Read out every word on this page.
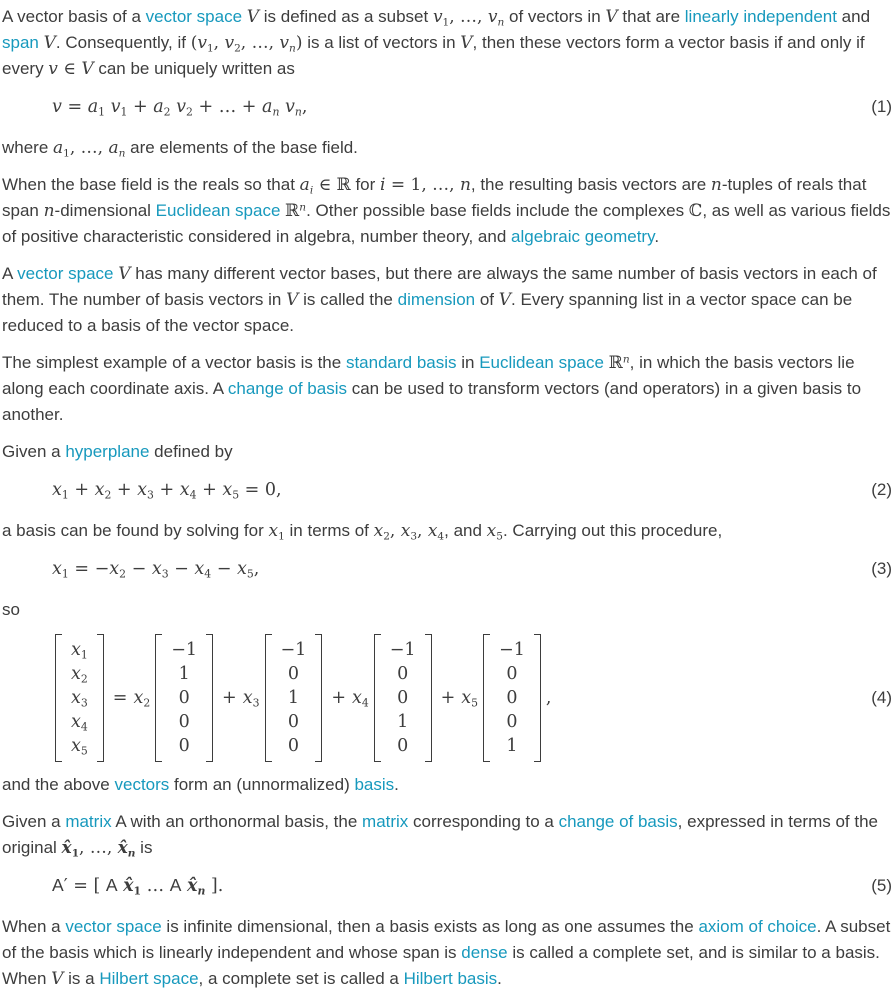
A vector basis of a vector space V is defined as a subset $v_1$, …, $v_n$ of vectors in V that are linearly independent and span V. Consequently, if ($v_1$, $v_2$, …, $v_n$) is a list of vectors in V, then these vectors form a vector basis if and only if every v ∈ V can be uniquely written as

$v = a_1$ $v_1 + a_2$ $v_2$ + … + $a_n$ $v_n$,	(1)

where $a_1$, …, $a_n$ are elements of the base field.

When the base field is the reals so that $a_i$ ∈ ℝ for i = 1, …, n, the resulting basis vectors are n-tuples of reals that span n-dimensional Euclidean space ℝ$^n$. Other possible base fields include the complexes ℂ, as well as various fields of positive characteristic considered in algebra, number theory, and algebraic geometry.

A vector space V has many different vector bases, but there are always the same number of basis vectors in each of them. The number of basis vectors in V is called the dimension of V. Every spanning list in a vector space can be reduced to a basis of the vector space.

The simplest example of a vector basis is the standard basis in Euclidean space ℝ$^n$, in which the basis vectors lie along each coordinate axis. A change of basis can be used to transform vectors (and operators) in a given basis to another.

Given a hyperplane defined by

$x_1 + x_2 + x_3 + x_4 + x_5 = 0$,	(2)

a basis can be found by solving for $x_1$ in terms of $x_2$, $x_3$, $x_4$, and $x_5$. Carrying out this procedure,

$x_1 = -x_2 - x_3 - x_4 - x_5$,	(3)

so

$x_1$
$x_2$
$x_3$
$x_4$
$x_5$
= $x_2$
−1
1
0
0
0
+ $x_3$
−1
0
1
0
0
+ $x_4$
−1
0
0
1
0
+ $x_5$
−1
0
0
0
1
,	(4)

and the above vectors form an (unnormalized) basis.

Given a matrix A with an orthonormal basis, the matrix corresponding to a change of basis, expressed in terms of the original $x̂_1$, …, $x̂_n$ is

A′ = [ A $x̂_1$ … A $x̂_n$ ].	(5)

When a vector space is infinite dimensional, then a basis exists as long as one assumes the axiom of choice. A subset of the basis which is linearly independent and whose span is dense is called a complete set, and is similar to a basis. When V is a Hilbert space, a complete set is called a Hilbert basis.
